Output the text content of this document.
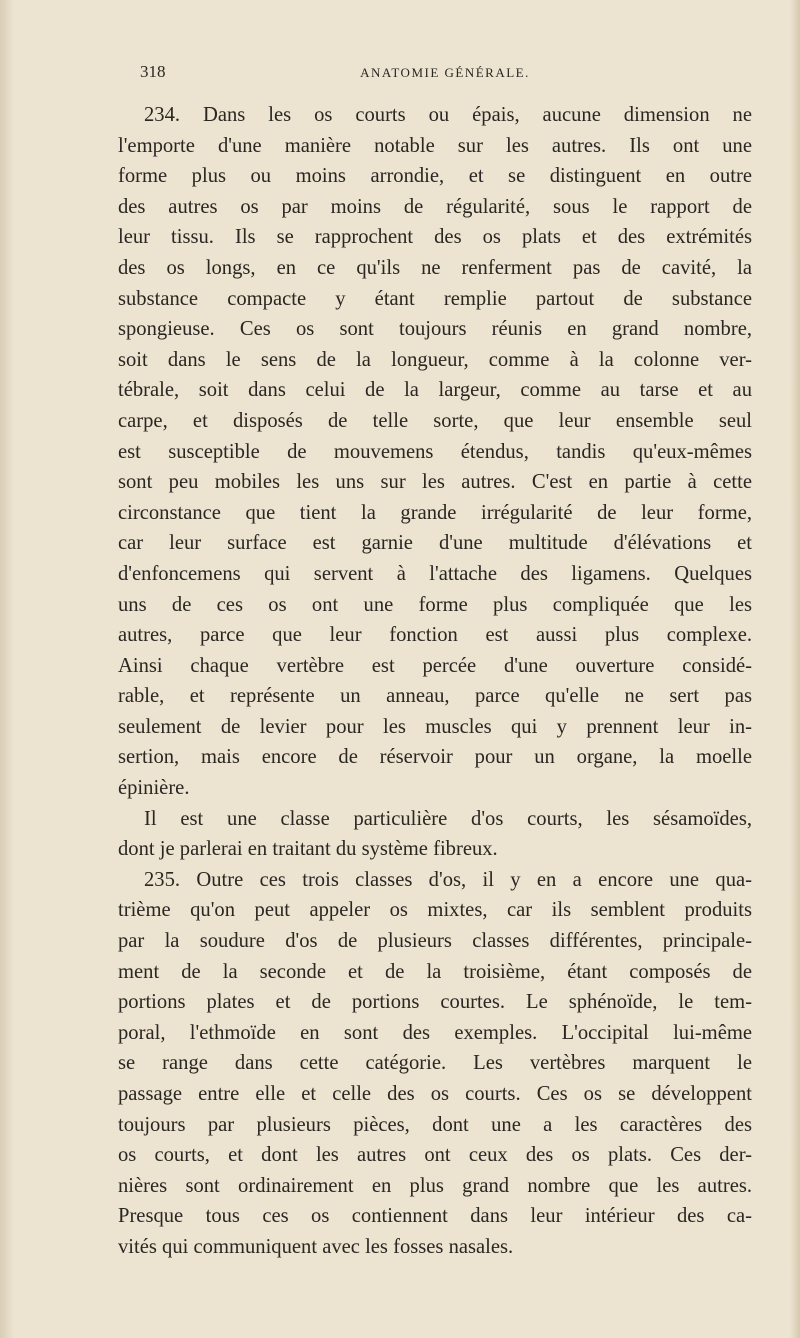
318	ANATOMIE GÉNÉRALE.
234. Dans les os courts ou épais, aucune dimension ne
l'emporte d'une manière notable sur les autres. Ils ont une
forme plus ou moins arrondie, et se distinguent en outre
des autres os par moins de régularité, sous le rapport de
leur tissu. Ils se rapprochent des os plats et des extrémités
des os longs, en ce qu'ils ne renferment pas de cavité, la
substance compacte y étant remplie partout de substance
spongieuse. Ces os sont toujours réunis en grand nombre,
soit dans le sens de la longueur, comme à la colonne ver-
tébrale, soit dans celui de la largeur, comme au tarse et au
carpe, et disposés de telle sorte, que leur ensemble seul
est susceptible de mouvemens étendus, tandis qu'eux-mêmes
sont peu mobiles les uns sur les autres. C'est en partie à cette
circonstance que tient la grande irrégularité de leur forme,
car leur surface est garnie d'une multitude d'élévations et
d'enfoncemens qui servent à l'attache des ligamens. Quelques
uns de ces os ont une forme plus compliquée que les
autres, parce que leur fonction est aussi plus complexe.
Ainsi chaque vertèbre est percée d'une ouverture considé-
rable, et représente un anneau, parce qu'elle ne sert pas
seulement de levier pour les muscles qui y prennent leur in-
sertion, mais encore de réservoir pour un organe, la moelle
épinière.
Il est une classe particulière d'os courts, les sésamoïdes,
dont je parlerai en traitant du système fibreux.
235. Outre ces trois classes d'os, il y en a encore une qua-
trième qu'on peut appeler os mixtes, car ils semblent produits
par la soudure d'os de plusieurs classes différentes, principale-
ment de la seconde et de la troisième, étant composés de
portions plates et de portions courtes. Le sphénoïde, le tem-
poral, l'ethmoïde en sont des exemples. L'occipital lui-même
se range dans cette catégorie. Les vertèbres marquent le
passage entre elle et celle des os courts. Ces os se développent
toujours par plusieurs pièces, dont une a les caractères des
os courts, et dont les autres ont ceux des os plats. Ces der-
nières sont ordinairement en plus grand nombre que les autres.
Presque tous ces os contiennent dans leur intérieur des ca-
vités qui communiquent avec les fosses nasales.
